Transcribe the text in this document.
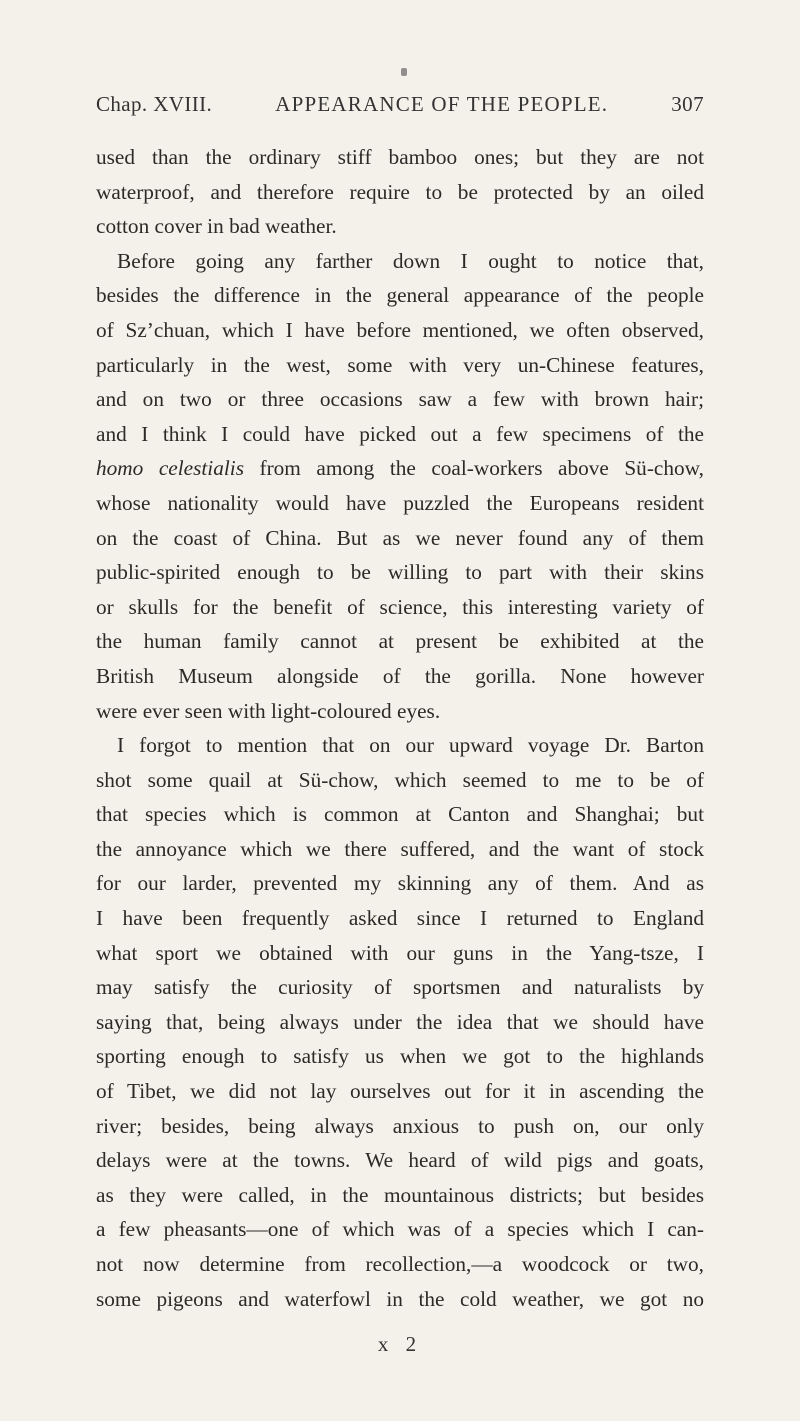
Chap. XVIII.	APPEARANCE OF THE PEOPLE.	307
used than the ordinary stiff bamboo ones; but they are not
waterproof, and therefore require to be protected by an oiled
cotton cover in bad weather.
Before going any farther down I ought to notice that,
besides the difference in the general appearance of the people
of Sz’chuan, which I have before mentioned, we often observed,
particularly in the west, some with very un-Chinese features,
and on two or three occasions saw a few with brown hair;
and I think I could have picked out a few specimens of the
homo celestialis from among the coal-workers above Sü-chow,
whose nationality would have puzzled the Europeans resident
on the coast of China. But as we never found any of them
public-spirited enough to be willing to part with their skins
or skulls for the benefit of science, this interesting variety of
the human family cannot at present be exhibited at the
British Museum alongside of the gorilla. None however
were ever seen with light-coloured eyes.
I forgot to mention that on our upward voyage Dr. Barton
shot some quail at Sü-chow, which seemed to me to be of
that species which is common at Canton and Shanghai; but
the annoyance which we there suffered, and the want of stock
for our larder, prevented my skinning any of them. And as
I have been frequently asked since I returned to England
what sport we obtained with our guns in the Yang-tsze, I
may satisfy the curiosity of sportsmen and naturalists by
saying that, being always under the idea that we should have
sporting enough to satisfy us when we got to the highlands
of Tibet, we did not lay ourselves out for it in ascending the
river; besides, being always anxious to push on, our only
delays were at the towns. We heard of wild pigs and goats,
as they were called, in the mountainous districts; but besides
a few pheasants—one of which was of a species which I can-
not now determine from recollection,—a woodcock or two,
some pigeons and waterfowl in the cold weather, we got no
x 2
